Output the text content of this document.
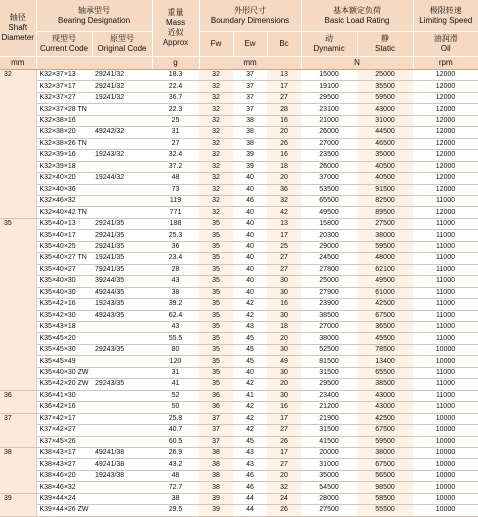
轴径
Shaft
Diameter	轴承型号
Bearing Designation		重量
Mass
近似
Approx	外形尺寸
Boundary Dimensions			基本额定负荷
Basic Load Rating		极限转速
Limiting Speed

	现型号
Current Code	原型号
Original Code		Fw	Ew	Bc	动
Dynamic	静
Static	油润滑
Oil

mm			g	mm			N		rpm
32	K32×37×13	29241/32	18.3	32	37	13	15000	25000	12000
	K32×37×17	29241/32	22.4	32	37	17	19100	35500	12000
	K32×37×27	19241/32	36.7	32	37	27	29500	59500	12000
	K32×37×28 TN		22.3	32	37	28	23100	43000	12000
	K32×38×16		25	32	38	16	21000	31000	12000
	K32×38×20	49242/32	31	32	38	20	26000	44500	12000
	K32×38×26 TN		27	32	38	26	27000	46500	12000
	K32×39×16	19243/32	32.4	32	39	16	23500	35000	12000
	K32×39×18		37.2	32	39	18	26000	40500	12000
	K32×40×20	19244/32	48	32	40	20	37000	40500	12000
	K32×40×36		73	32	40	36	53500	91500	12000
	K32×46×32		119	32	46	32	65500	82500	11000
	K32×40×42 TN		771	32	40	42	49500	89500	12000
35	K35×40×13	29241/35	188	35	40	13	15800	27500	11000
	K35×40×17	29241/35	25.3	35	40	17	20300	38000	11000
	K35×40×25	29241/35	36	35	40	25	29000	59500	11000
	K35×40×27 TN	19241/35	23.4	35	40	27	24500	48000	11000
	K35×40×27	79241/35	28	35	40	27	27800	62100	11000
	K35×40×30	39244/35	43	35	40	30	25000	49500	11000
	K35×40×30	49244/35	38	35	40	30	27900	61000	11000
	K35×42×16	19243/35	39.2	35	42	16	23900	42500	11000
	K35×42×30	49243/35	62.4	35	42	30	38500	67500	11000
	K35×43×18		43	35	43	18	27000	36500	11000
	K35×45×20		55.5	35	45	20	38000	45500	11000
	K35×45×30	29243/35	80	35	45	30	52500	78500	10000
	K35×45×49		120	35	45	49	81500	13400	10000
	K35×40×30 ZW		31	35	40	30	31500	65500	11000
	K35×42×20 ZW	29243/35	41	35	42	20	29500	38500	11000
36	K36×41×30		52	36	41	30	23400	43000	11000
	K36×42×16		50	36	42	16	21200	43000	11000
37	K37×42×17		25.8	37	42	17	21900	42500	10000
	K37×42×27		40.7	37	42	27	31500	67500	10000
	K37×45×26		60.5	37	45	26	41500	59500	10000
38	K38×43×17	49241/38	26.9	38	43	17	20000	38000	10000
	K38×43×27	49241/38	43.2	38	43	27	31000	67500	10000
	K38×46×20	19243/38	48	38	46	20	35000	56500	10000
	K38×46×32		72.7	38	46	32	54500	98500	10000
39	K39×44×24		38	39	44	24	28000	58500	10000
	K39×44×26 ZW		29.5	39	44	26	27500	55500	10000
